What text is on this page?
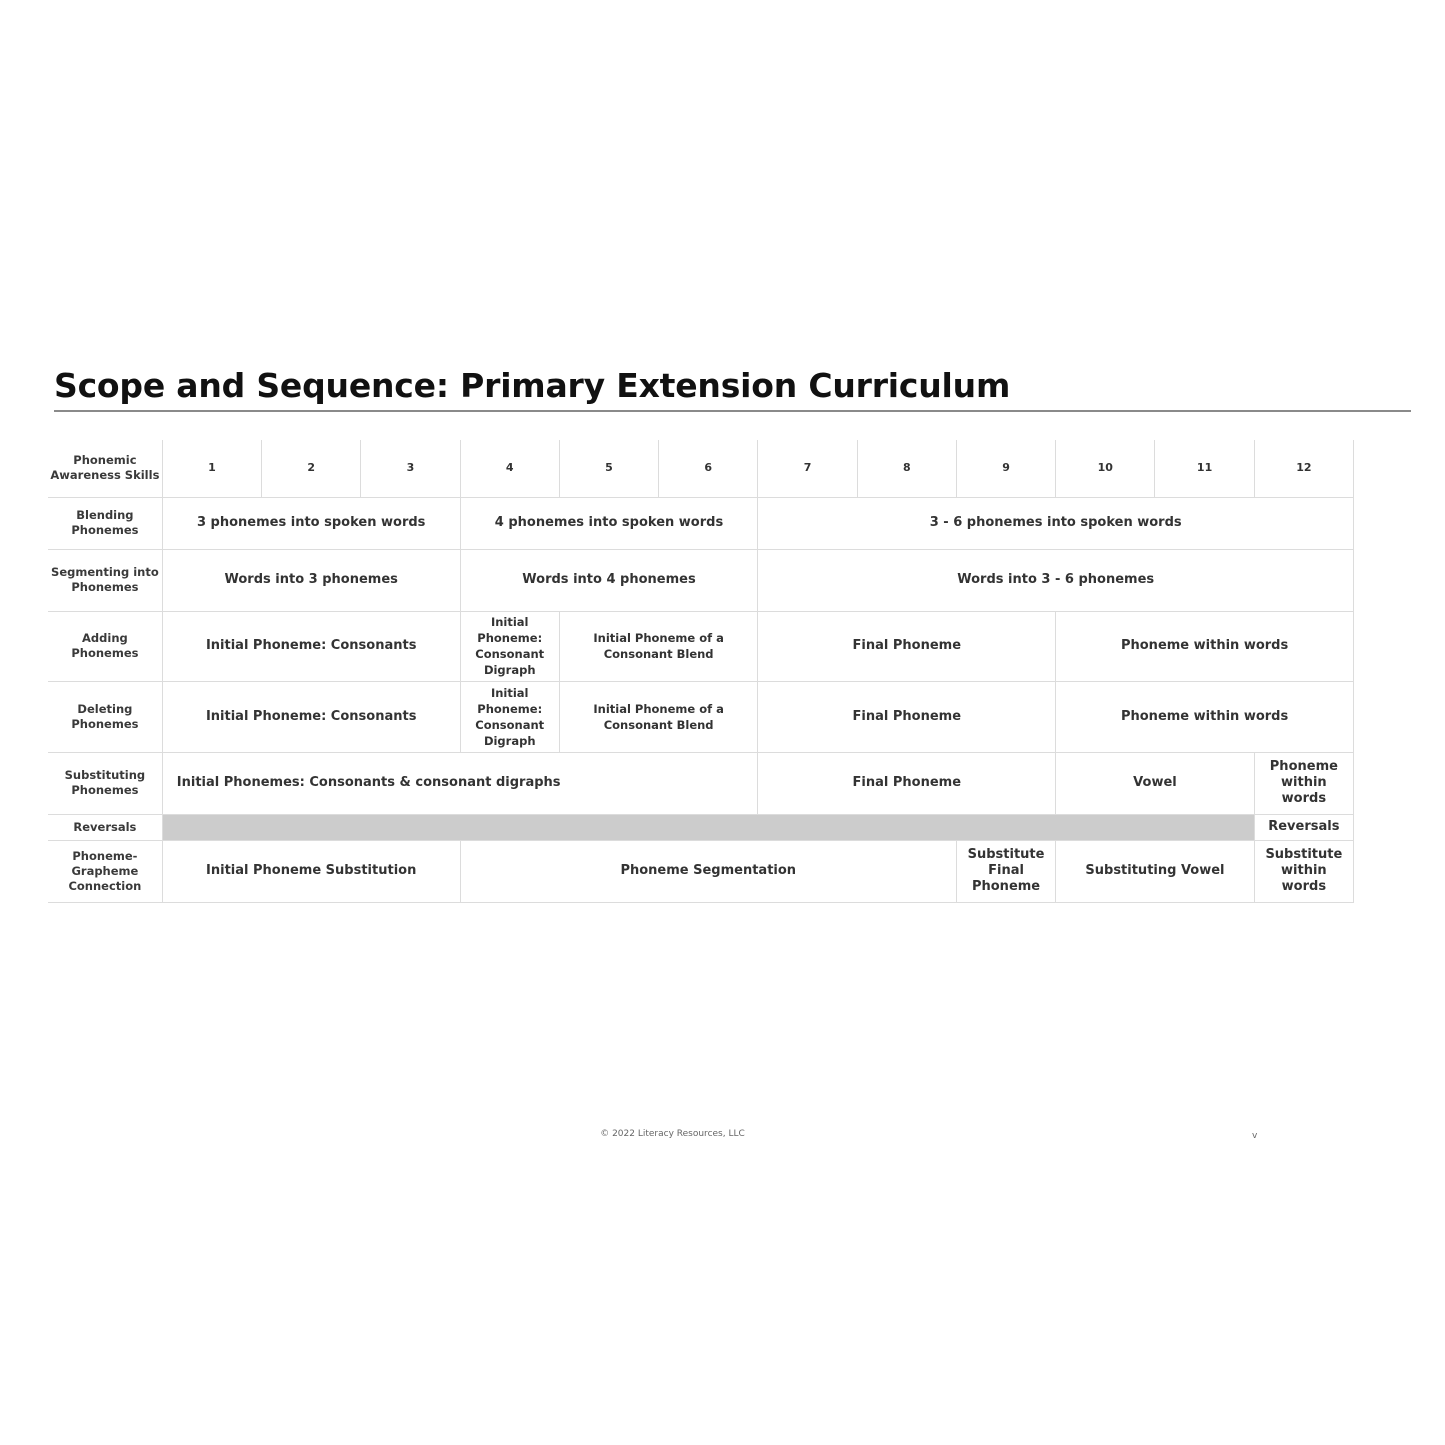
Scope and Sequence: Primary Extension Curriculum
Phonemic Awareness Skills	1	2	3	4	5	6	7	8	9	10	11	12
Blending Phonemes	3 phonemes into spoken words			4 phonemes into spoken words			3 - 6 phonemes into spoken words					
Segmenting into Phonemes	Words into 3 phonemes			Words into 4 phonemes			Words into 3 - 6 phonemes					
Adding Phonemes	Initial Phoneme: Consonants			Initial Phoneme: Consonant Digraph	Initial Phoneme of a Consonant Blend		Final Phoneme			Phoneme within words		
Deleting Phonemes	Initial Phoneme: Consonants			Initial Phoneme: Consonant Digraph	Initial Phoneme of a Consonant Blend		Final Phoneme			Phoneme within words		
Substituting Phonemes	Initial Phonemes: Consonants & consonant digraphs						Final Phoneme			Vowel		Phoneme within words
Reversals												Reversals
Phoneme-Grapheme Connection	Initial Phoneme Substitution			Phoneme Segmentation					Substitute Final Phoneme	Substituting Vowel		Substitute within words
© 2022 Literacy Resources, LLC	v
